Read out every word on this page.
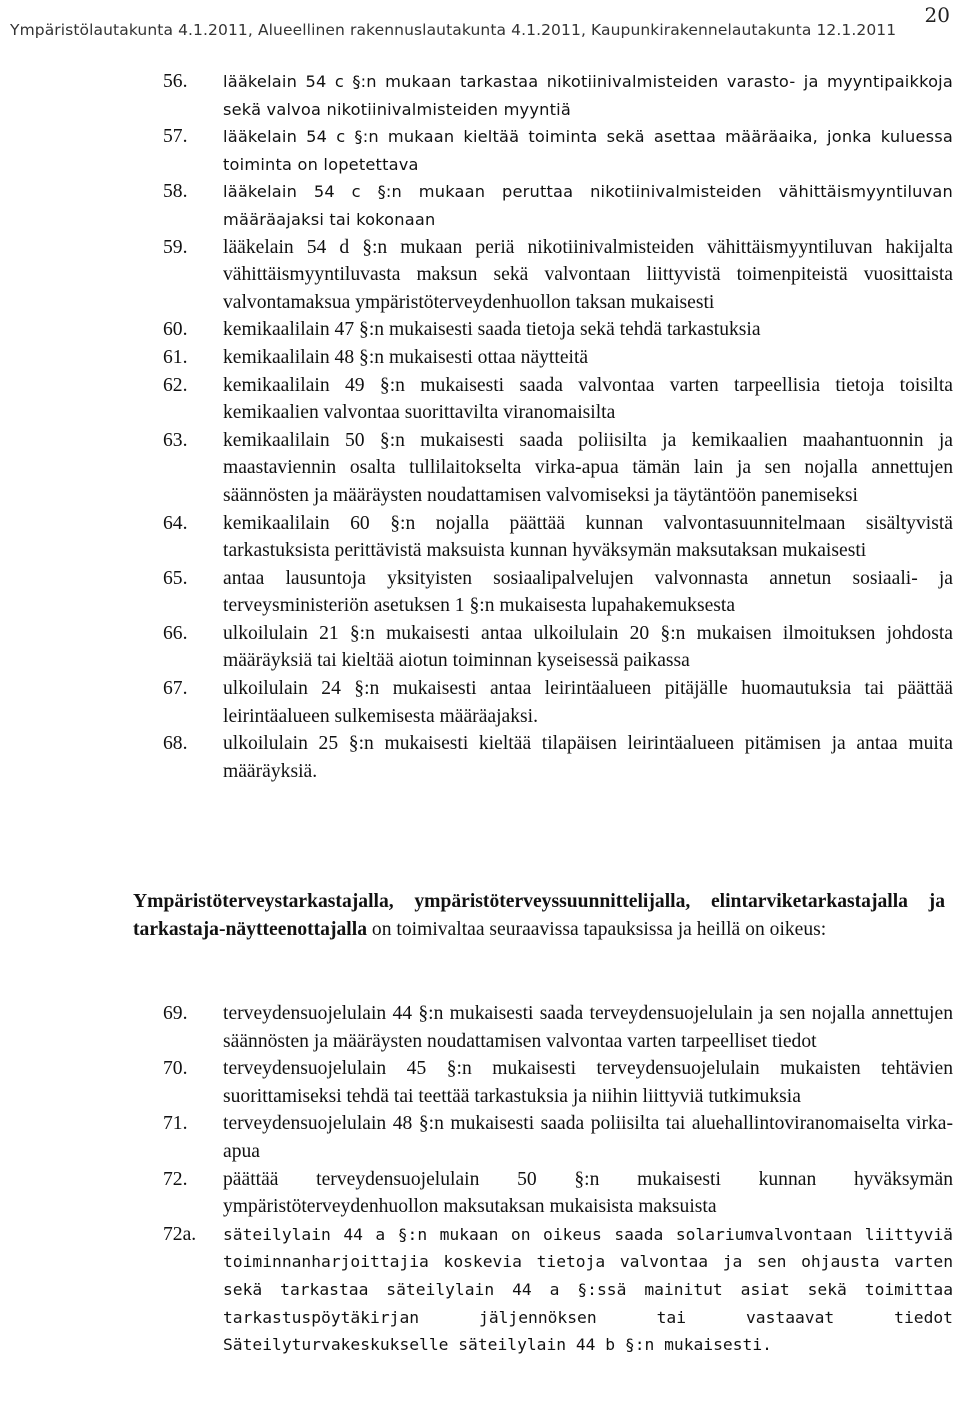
Ympäristölautakunta 4.1.2011, Alueellinen rakennuslautakunta 4.1.2011, Kaupunkirakennelautakunta 12.1.2011
20
56. lääkelain 54 c §:n mukaan tarkastaa nikotiinivalmisteiden varasto- ja myyntipaikkoja sekä valvoa nikotiinivalmisteiden myyntiä
57. lääkelain 54 c §:n mukaan kieltää toiminta sekä asettaa määräaika, jonka kuluessa toiminta on lopetettava
58. lääkelain 54 c §:n mukaan peruttaa nikotiinivalmisteiden vähittäismyyntiluvan määräajaksi tai kokonaan
59. lääkelain 54 d §:n mukaan periä nikotiinivalmisteiden vähittäismyyntiluvan hakijalta vähittäismyyntiluvasta maksun sekä valvontaan liittyvistä toimenpiteistä vuosittaista valvontamaksua ympäristöterveydenhuollon taksan mukaisesti
60. kemikaalilain 47 §:n mukaisesti saada tietoja sekä tehdä tarkastuksia
61. kemikaalilain 48 §:n mukaisesti ottaa näytteitä
62. kemikaalilain 49 §:n mukaisesti saada valvontaa varten tarpeellisia tietoja toisilta kemikaalien valvontaa suorittavilta viranomaisilta
63. kemikaalilain 50 §:n mukaisesti saada poliisilta ja kemikaalien maahantuonnin ja maastaviennin osalta tullilaitokselta virka-apua tämän lain ja sen nojalla annettujen säännösten ja määräysten noudattamisen valvomiseksi ja täytäntöön panemiseksi
64. kemikaalilain 60 §:n nojalla päättää kunnan valvontasuunnitelmaan sisältyvistä tarkastuksista perittävistä maksuista kunnan hyväksymän maksutaksan mukaisesti
65. antaa lausuntoja yksityisten sosiaalipalvelujen valvonnasta annetun sosiaali- ja terveysministeriön asetuksen 1 §:n mukaisesta lupahakemuksesta
66. ulkoilulain 21 §:n mukaisesti antaa ulkoilulain 20 §:n mukaisen ilmoituksen johdosta määräyksiä tai kieltää aiotun toiminnan kyseisessä paikassa
67. ulkoilulain 24 §:n mukaisesti antaa leirintäalueen pitäjälle huomautuksia tai päättää leirintäalueen sulkemisesta määräajaksi.
68. ulkoilulain 25 §:n mukaisesti kieltää tilapäisen leirintäalueen pitämisen ja antaa muita määräyksiä.

Ympäristöterveystarkastajalla, ympäristöterveyssuunnittelijalla, elintarviketarkastajalla ja tarkastaja-näytteenottajalla on toimivaltaa seuraavissa tapauksissa ja heillä on oikeus:

69. terveydensuojelulain 44 §:n mukaisesti saada terveydensuojelulain ja sen nojalla annettujen säännösten ja määräysten noudattamisen valvontaa varten tarpeelliset tiedot
70. terveydensuojelulain 45 §:n mukaisesti terveydensuojelulain mukaisten tehtävien suorittamiseksi tehdä tai teettää tarkastuksia ja niihin liittyviä tutkimuksia
71. terveydensuojelulain 48 §:n mukaisesti saada poliisilta tai aluehallintoviranomaiselta virka-apua
72. päättää terveydensuojelulain 50 §:n mukaisesti kunnan hyväksymän ympäristöterveydenhuollon maksutaksan mukaisista maksuista
72a. säteilylain 44 a §:n mukaan on oikeus saada solariumvalvontaan liittyviä toiminnanharjoittajia koskevia tietoja valvontaa ja sen ohjausta varten sekä tarkastaa säteilylain 44 a §:ssä mainitut asiat sekä toimittaa tarkastuspöytäkirjan jäljennöksen tai vastaavat tiedot Säteilyturvakeskukselle säteilylain 44 b §:n mukaisesti.
